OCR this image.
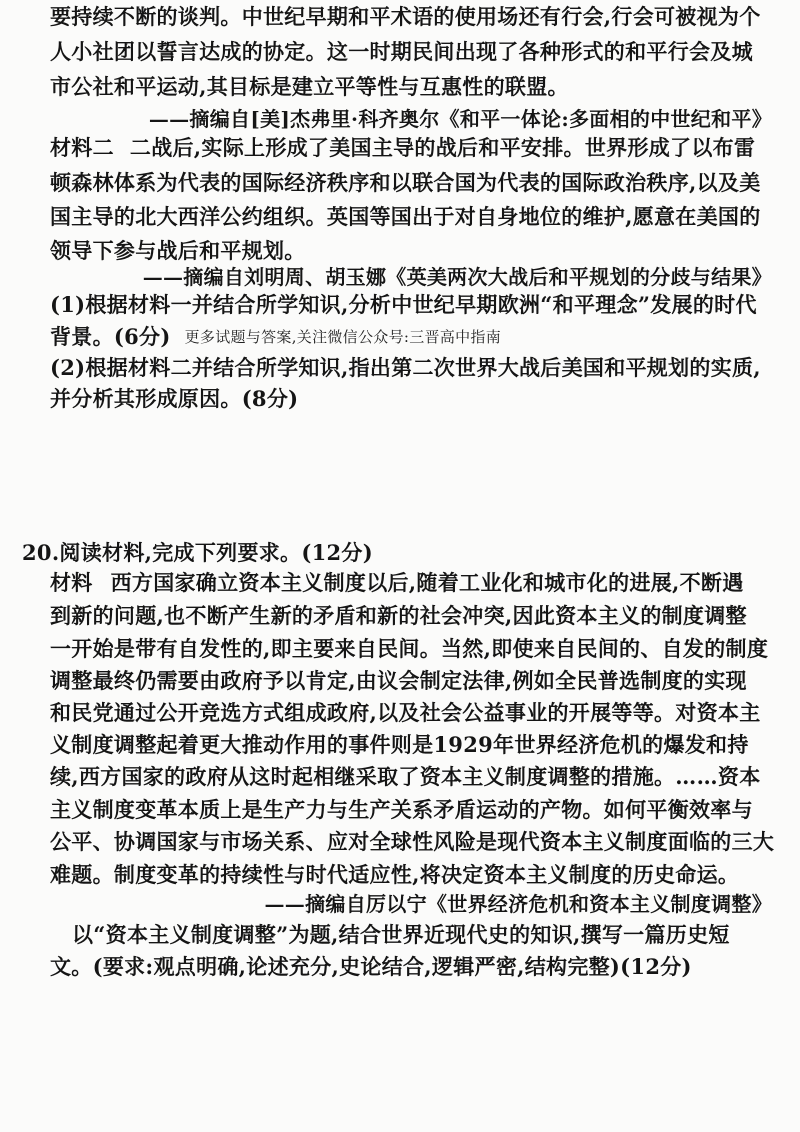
要持续不断的谈判。中世纪早期和平术语的使用场还有行会,行会可被视为个
人小社团以誓言达成的协定。这一时期民间出现了各种形式的和平行会及城
市公社和平运动,其目标是建立平等性与互惠性的联盟。
——摘编自[美]杰弗里·科齐奥尔《和平一体论:多面相的中世纪和平》
材料二 二战后,实际上形成了美国主导的战后和平安排。世界形成了以布雷
顿森林体系为代表的国际经济秩序和以联合国为代表的国际政治秩序,以及美
国主导的北大西洋公约组织。英国等国出于对自身地位的维护,愿意在美国的
领导下参与战后和平规划。
——摘编自刘明周、胡玉娜《英美两次大战后和平规划的分歧与结果》
(1)根据材料一并结合所学知识,分析中世纪早期欧洲“和平理念”发展的时代
背景。(6分) 更多试题与答案,关注微信公众号:三晋高中指南
(2)根据材料二并结合所学知识,指出第二次世界大战后美国和平规划的实质,
并分析其形成原因。(8分)
20.阅读材料,完成下列要求。(12分)
材料 西方国家确立资本主义制度以后,随着工业化和城市化的进展,不断遇
到新的问题,也不断产生新的矛盾和新的社会冲突,因此资本主义的制度调整
一开始是带有自发性的,即主要来自民间。当然,即使来自民间的、自发的制度
调整最终仍需要由政府予以肯定,由议会制定法律,例如全民普选制度的实现
和民党通过公开竞选方式组成政府,以及社会公益事业的开展等等。对资本主
义制度调整起着更大推动作用的事件则是1929年世界经济危机的爆发和持
续,西方国家的政府从这时起相继采取了资本主义制度调整的措施。……资本
主义制度变革本质上是生产力与生产关系矛盾运动的产物。如何平衡效率与
公平、协调国家与市场关系、应对全球性风险是现代资本主义制度面临的三大
难题。制度变革的持续性与时代适应性,将决定资本主义制度的历史命运。
——摘编自厉以宁《世界经济危机和资本主义制度调整》
以“资本主义制度调整”为题,结合世界近现代史的知识,撰写一篇历史短
文。(要求:观点明确,论述充分,史论结合,逻辑严密,结构完整)(12分)
